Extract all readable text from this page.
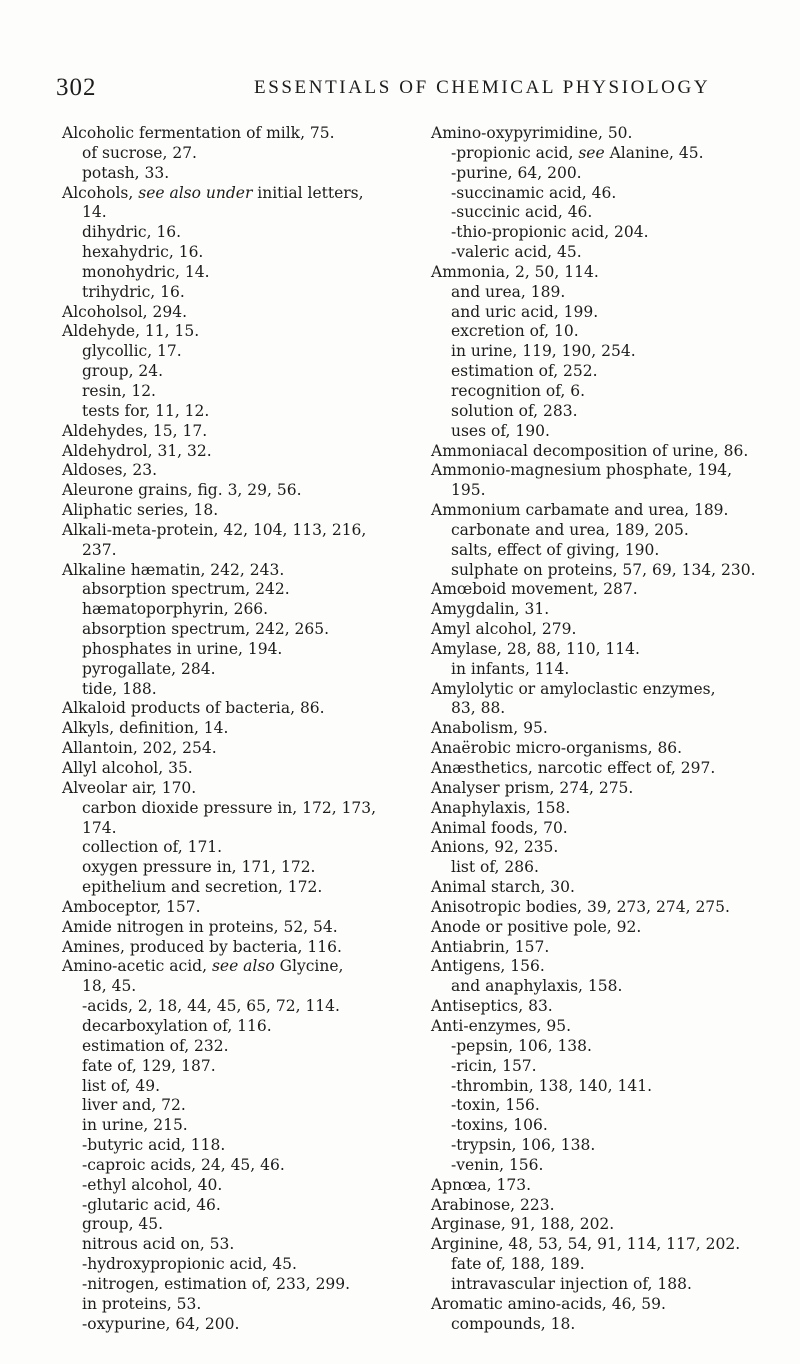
302	ESSENTIALS OF CHEMICAL PHYSIOLOGY
Alcoholic fermentation of milk, 75.
of sucrose, 27.
potash, 33.
Alcohols, see also under initial letters,
14.
dihydric, 16.
hexahydric, 16.
monohydric, 14.
trihydric, 16.
Alcoholsol, 294.
Aldehyde, 11, 15.
glycollic, 17.
group, 24.
resin, 12.
tests for, 11, 12.
Aldehydes, 15, 17.
Aldehydrol, 31, 32.
Aldoses, 23.
Aleurone grains, fig. 3, 29, 56.
Aliphatic series, 18.
Alkali-meta-protein, 42, 104, 113, 216,
237.
Alkaline hæmatin, 242, 243.
absorption spectrum, 242.
hæmatoporphyrin, 266.
absorption spectrum, 242, 265.
phosphates in urine, 194.
pyrogallate, 284.
tide, 188.
Alkaloid products of bacteria, 86.
Alkyls, definition, 14.
Allantoin, 202, 254.
Allyl alcohol, 35.
Alveolar air, 170.
carbon dioxide pressure in, 172, 173,
174.
collection of, 171.
oxygen pressure in, 171, 172.
epithelium and secretion, 172.
Amboceptor, 157.
Amide nitrogen in proteins, 52, 54.
Amines, produced by bacteria, 116.
Amino-acetic acid, see also Glycine,
18, 45.
-acids, 2, 18, 44, 45, 65, 72, 114.
decarboxylation of, 116.
estimation of, 232.
fate of, 129, 187.
list of, 49.
liver and, 72.
in urine, 215.
-butyric acid, 118.
-caproic acids, 24, 45, 46.
-ethyl alcohol, 40.
-glutaric acid, 46.
group, 45.
nitrous acid on, 53.
-hydroxypropionic acid, 45.
-nitrogen, estimation of, 233, 299.
in proteins, 53.
-oxypurine, 64, 200.
Amino-oxypyrimidine, 50.
-propionic acid, see Alanine, 45.
-purine, 64, 200.
-succinamic acid, 46.
-succinic acid, 46.
-thio-propionic acid, 204.
-valeric acid, 45.
Ammonia, 2, 50, 114.
and urea, 189.
and uric acid, 199.
excretion of, 10.
in urine, 119, 190, 254.
estimation of, 252.
recognition of, 6.
solution of, 283.
uses of, 190.
Ammoniacal decomposition of urine, 86.
Ammonio-magnesium phosphate, 194,
195.
Ammonium carbamate and urea, 189.
carbonate and urea, 189, 205.
salts, effect of giving, 190.
sulphate on proteins, 57, 69, 134, 230.
Amœboid movement, 287.
Amygdalin, 31.
Amyl alcohol, 279.
Amylase, 28, 88, 110, 114.
in infants, 114.
Amylolytic or amyloclastic enzymes,
83, 88.
Anabolism, 95.
Anaërobic micro-organisms, 86.
Anæsthetics, narcotic effect of, 297.
Analyser prism, 274, 275.
Anaphylaxis, 158.
Animal foods, 70.
Anions, 92, 235.
list of, 286.
Animal starch, 30.
Anisotropic bodies, 39, 273, 274, 275.
Anode or positive pole, 92.
Antiabrin, 157.
Antigens, 156.
and anaphylaxis, 158.
Antiseptics, 83.
Anti-enzymes, 95.
-pepsin, 106, 138.
-ricin, 157.
-thrombin, 138, 140, 141.
-toxin, 156.
-toxins, 106.
-trypsin, 106, 138.
-venin, 156.
Apnœa, 173.
Arabinose, 223.
Arginase, 91, 188, 202.
Arginine, 48, 53, 54, 91, 114, 117, 202.
fate of, 188, 189.
intravascular injection of, 188.
Aromatic amino-acids, 46, 59.
compounds, 18.
